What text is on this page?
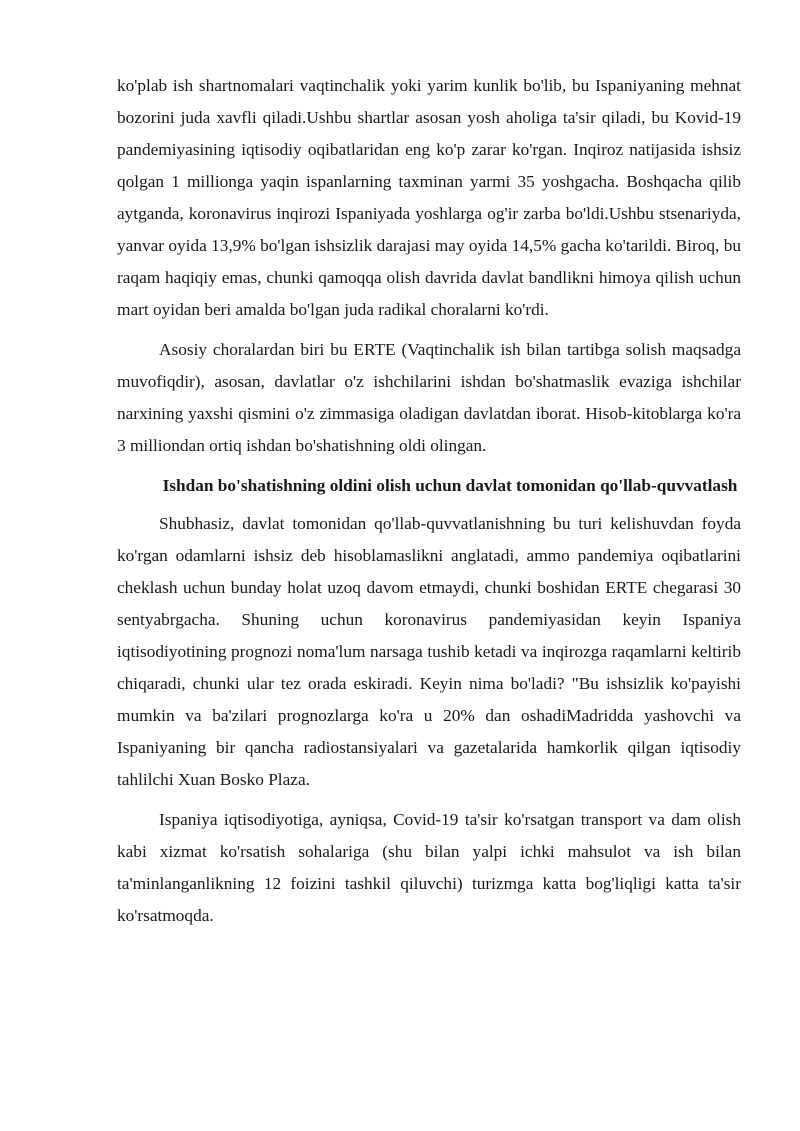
ko'plab ish shartnomalari vaqtinchalik yoki yarim kunlik bo'lib, bu Ispaniyaning mehnat bozorini juda xavfli qiladi.Ushbu shartlar asosan yosh aholiga ta'sir qiladi, bu Kovid-19 pandemiyasining iqtisodiy oqibatlaridan eng ko'p zarar ko'rgan. Inqiroz natijasida ishsiz qolgan 1 millionga yaqin ispanlarning taxminan yarmi 35 yoshgacha. Boshqacha qilib aytganda, koronavirus inqirozi Ispaniyada yoshlarga og'ir zarba bo'ldi.Ushbu stsenariyda, yanvar oyida 13,9% bo'lgan ishsizlik darajasi may oyida 14,5% gacha ko'tarildi. Biroq, bu raqam haqiqiy emas, chunki qamoqqa olish davrida davlat bandlikni himoya qilish uchun mart oyidan beri amalda bo'lgan juda radikal choralarni ko'rdi.

Asosiy choralardan biri bu ERTE (Vaqtinchalik ish bilan tartibga solish maqsadga muvofiqdir), asosan, davlatlar o'z ishchilarini ishdan bo'shatmaslik evaziga ishchilar narxining yaxshi qismini o'z zimmasiga oladigan davlatdan iborat. Hisob-kitoblarga ko'ra 3 milliondan ortiq ishdan bo'shatishning oldi olingan.

Ishdan bo'shatishning oldini olish uchun davlat tomonidan qo'llab-quvvatlash

Shubhasiz, davlat tomonidan qo'llab-quvvatlanishning bu turi kelishuvdan foyda ko'rgan odamlarni ishsiz deb hisoblamaslikni anglatadi, ammo pandemiya oqibatlarini cheklash uchun bunday holat uzoq davom etmaydi, chunki boshidan ERTE chegarasi 30 sentyabrgacha. Shuning uchun koronavirus pandemiyasidan keyin Ispaniya iqtisodiyotining prognozi noma'lum narsaga tushib ketadi va inqirozga raqamlarni keltirib chiqaradi, chunki ular tez orada eskiradi. Keyin nima bo'ladi? "Bu ishsizlik ko'payishi mumkin va ba'zilari prognozlarga ko'ra u 20% dan oshadiMadridda yashovchi va Ispaniyaning bir qancha radiostansiyalari va gazetalarida hamkorlik qilgan iqtisodiy tahlilchi Xuan Bosko Plaza.

Ispaniya iqtisodiyotiga, ayniqsa, Covid-19 ta'sir ko'rsatgan transport va dam olish kabi xizmat ko'rsatish sohalariga (shu bilan yalpi ichki mahsulot va ish bilan ta'minlanganlikning 12 foizini tashkil qiluvchi) turizmga katta bog'liqligi katta ta'sir ko'rsatmoqda.
